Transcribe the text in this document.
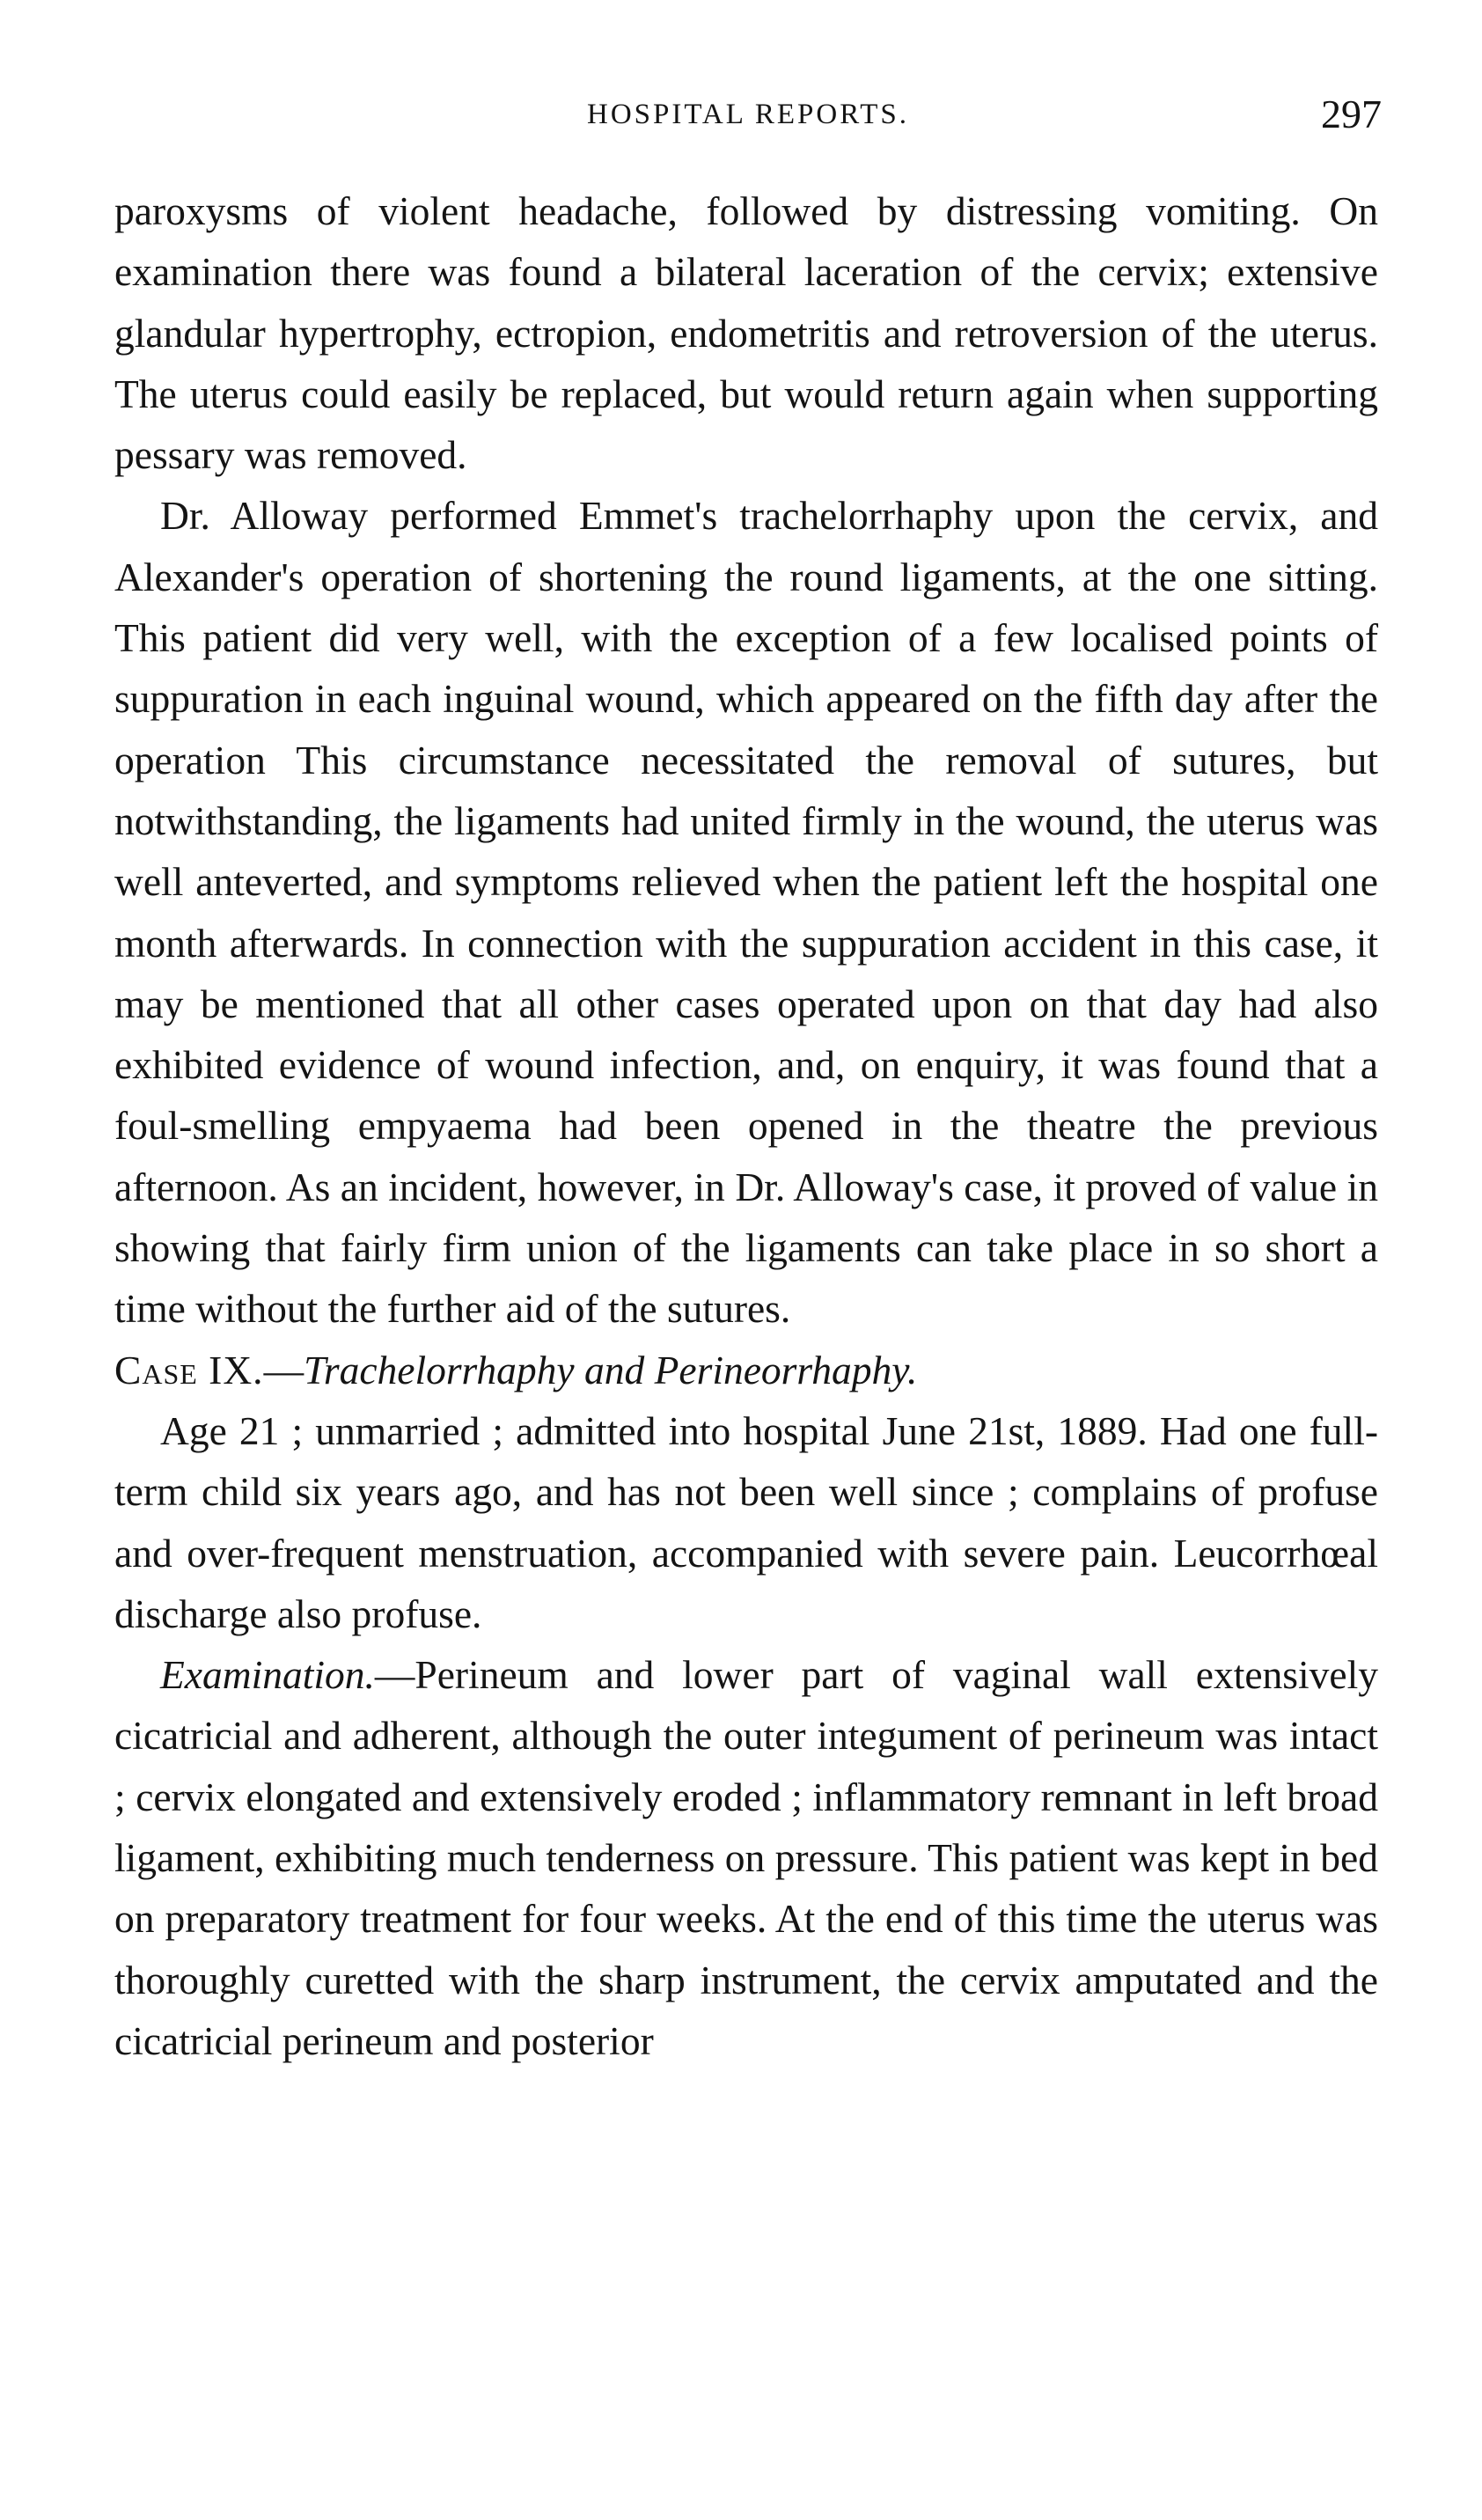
HOSPITAL REPORTS.	297

paroxysms of violent headache, followed by distressing vomiting. On examination there was found a bilateral laceration of the cervix; extensive glandular hypertrophy, ectropion, endometritis and retroversion of the uterus. The uterus could easily be replaced, but would return again when supporting pessary was removed.

Dr. Alloway performed Emmet's trachelorrhaphy upon the cervix, and Alexander's operation of shortening the round ligaments, at the one sitting. This patient did very well, with the exception of a few localised points of suppuration in each inguinal wound, which appeared on the fifth day after the operation This circumstance necessitated the removal of sutures, but notwithstanding, the ligaments had united firmly in the wound, the uterus was well anteverted, and symptoms relieved when the patient left the hospital one month afterwards. In connection with the suppuration accident in this case, it may be mentioned that all other cases operated upon on that day had also exhibited evidence of wound infection, and, on enquiry, it was found that a foul-smelling empyaema had been opened in the theatre the previous afternoon. As an incident, however, in Dr. Alloway's case, it proved of value in showing that fairly firm union of the ligaments can take place in so short a time without the further aid of the sutures.

Case IX.—Trachelorrhaphy and Perineorrhaphy.

Age 21 ; unmarried ; admitted into hospital June 21st, 1889. Had one full-term child six years ago, and has not been well since ; complains of profuse and over-frequent menstruation, accompanied with severe pain. Leucorrhœal discharge also profuse.

Examination.—Perineum and lower part of vaginal wall extensively cicatricial and adherent, although the outer integument of perineum was intact ; cervix elongated and extensively eroded ; inflammatory remnant in left broad ligament, exhibiting much tenderness on pressure. This patient was kept in bed on preparatory treatment for four weeks. At the end of this time the uterus was thoroughly curetted with the sharp instrument, the cervix amputated and the cicatricial perineum and posterior
